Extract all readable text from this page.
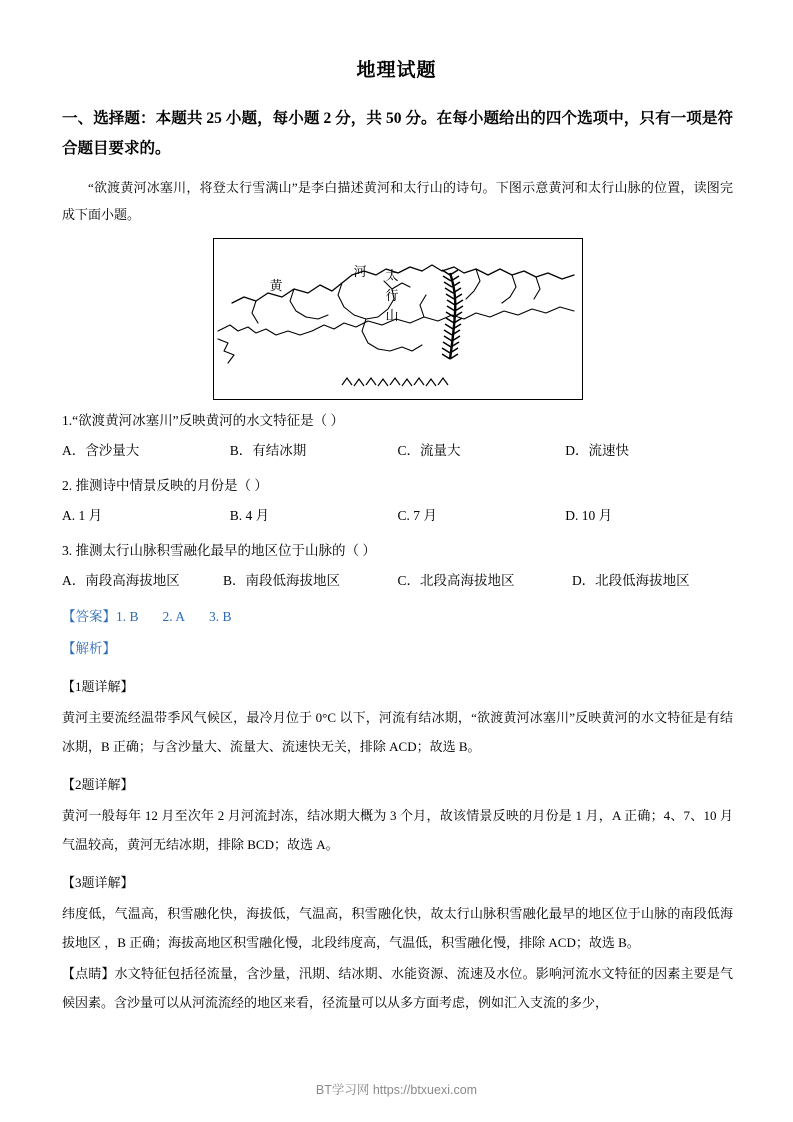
地理试题
一、选择题：本题共 25 小题，每小题 2 分，共 50 分。在每小题给出的四个选项中，只有一项是符合题目要求的。
“欲渡黄河冰塞川，将登太行雪满山”是李白描述黄河和太行山的诗句。下图示意黄河和太行山脉的位置，读图完成下面小题。
黄
河 太
行
山
1.“欲渡黄河冰塞川”反映黄河的水文特征是（ ）
A．含沙量大	B．有结冰期	C．流量大	D．流速快
2. 推测诗中情景反映的月份是（ ）
A. 1 月	B. 4 月	C. 7 月	D. 10 月
3. 推测太行山脉积雪融化最早的地区位于山脉的（ ）
A．南段高海拔地区	B．南段低海拔地区	C．北段高海拔地区	D．北段低海拔地区
【答案】1. B 2. A 3. B
【解析】
【1题详解】
黄河主要流经温带季风气候区，最冷月位于 0°C 以下，河流有结冰期，“欲渡黄河冰塞川”反映黄河的水文特征是有结冰期，B 正确；与含沙量大、流量大、流速快无关，排除 ACD；故选 B。
【2题详解】
黄河一般每年 12 月至次年 2 月河流封冻，结冰期大概为 3 个月，故该情景反映的月份是 1 月，A 正确；4、7、10 月气温较高，黄河无结冰期，排除 BCD；故选 A。
【3题详解】
纬度低，气温高，积雪融化快，海拔低，气温高，积雪融化快，故太行山脉积雪融化最早的地区位于山脉的南段低海拔地区 ，B 正确；海拔高地区积雪融化慢，北段纬度高，气温低，积雪融化慢，排除 ACD；故选 B。
【点睛】水文特征包括径流量，含沙量，汛期、结冰期、水能资源、流速及水位。影响河流水文特征的因素主要是气候因素。含沙量可以从河流流经的地区来看，径流量可以从多方面考虑，例如汇入支流的多少，
BT学习网 https://btxuexi.com
